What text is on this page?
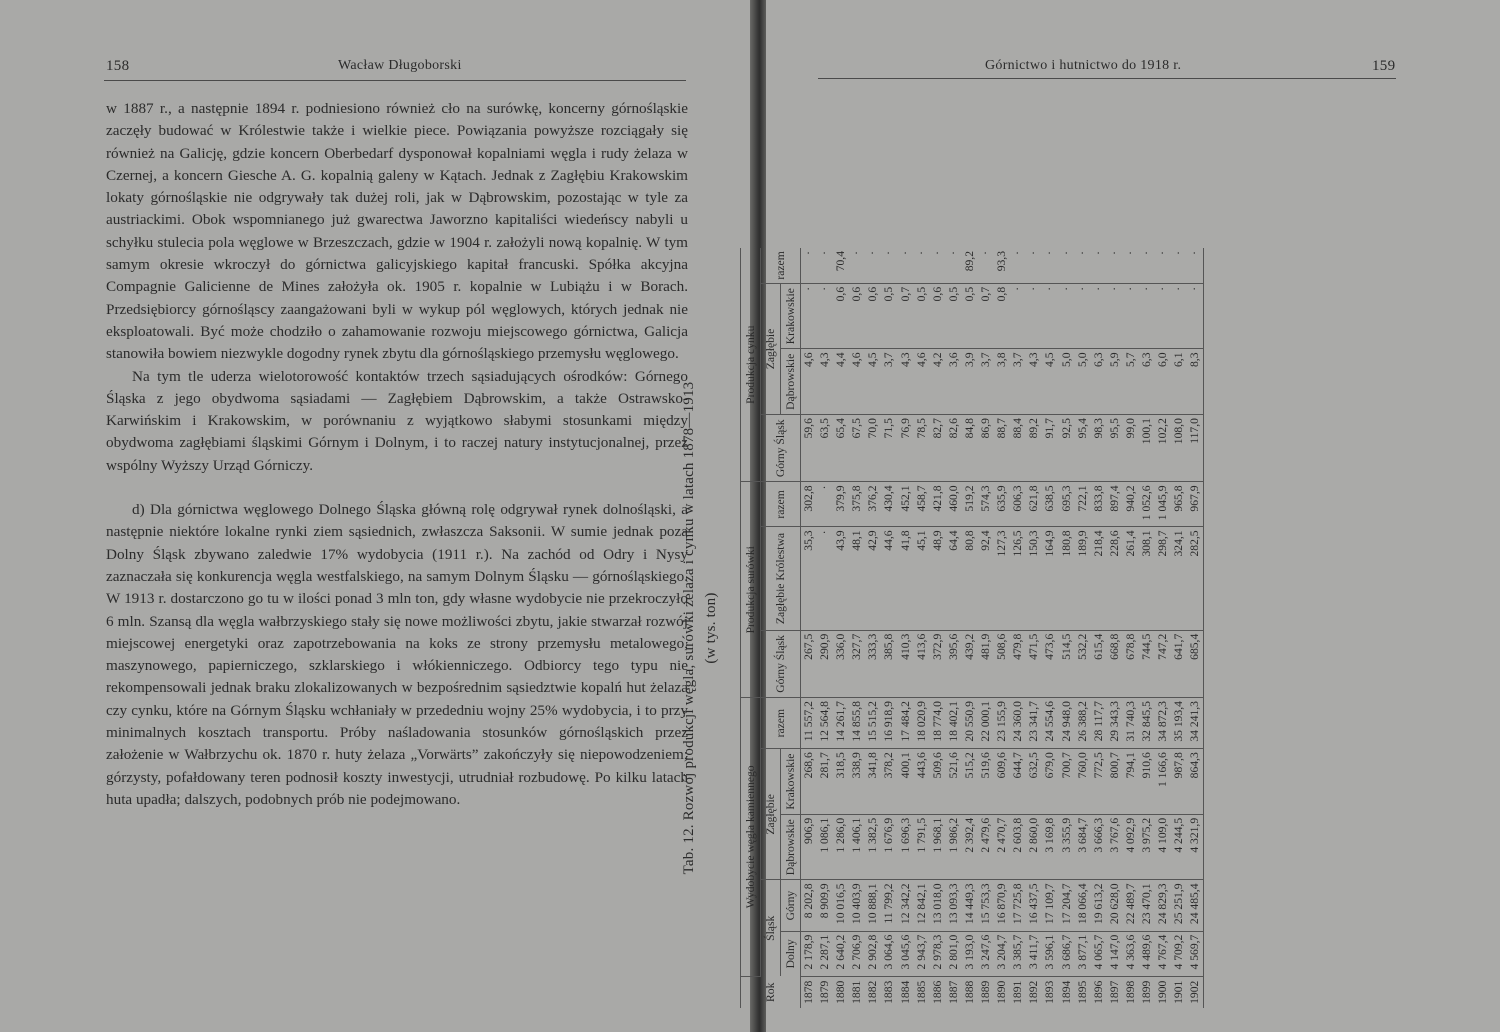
158	Wacław Długoborski

w 1887 r., a następnie 1894 r. podniesiono również cło na surówkę, koncerny górnośląskie zaczęły budować w Królestwie także i wielkie piece. Powiązania powyższe rozciągały się również na Galicję, gdzie koncern Oberbedarf dysponował kopalniami węgla i rudy żelaza w Czernej, a koncern Giesche A. G. kopalnią galeny w Kątach. Jednak z Zagłębiu Krakowskim lokaty górnośląskie nie odgrywały tak dużej roli, jak w Dąbrowskim, pozostając w tyle za austriackimi. Obok wspomnianego już gwarectwa Jaworzno kapitaliści wiedeńscy nabyli u schyłku stulecia pola węglowe w Brzeszczach, gdzie w 1904 r. założyli nową kopalnię. W tym samym okresie wkroczył do górnictwa galicyjskiego kapitał francuski. Spółka akcyjna Compagnie Galicienne de Mines założyła ok. 1905 r. kopalnie w Lubiążu i w Borach. Przedsiębiorcy górnośląscy zaangażowani byli w wykup pól węglowych, których jednak nie eksploatowali. Być może chodziło o zahamowanie rozwoju miejscowego górnictwa, Galicja stanowiła bowiem niezwykle dogodny rynek zbytu dla górnośląskiego przemysłu węglowego.

Na tym tle uderza wielotorowość kontaktów trzech sąsiadujących ośrodków: Górnego Śląska z jego obydwoma sąsiadami — Zagłębiem Dąbrowskim, a także Ostrawsko-Karwińskim i Krakowskim, w porównaniu z wyjątkowo słabymi stosunkami między obydwoma zagłębiami śląskimi Górnym i Dolnym, i to raczej natury instytucjonalnej, przez wspólny Wyższy Urząd Górniczy.

d) Dla górnictwa węglowego Dolnego Śląska główną rolę odgrywał rynek dolnośląski, a następnie niektóre lokalne rynki ziem sąsiednich, zwłaszcza Saksonii. W sumie jednak poza Dolny Śląsk zbywano zaledwie 17% wydobycia (1911 r.). Na zachód od Odry i Nysy zaznaczała się konkurencja węgla westfalskiego, na samym Dolnym Śląsku — górnośląskiego. W 1913 r. dostarczono go tu w ilości ponad 3 mln ton, gdy własne wydobycie nie przekroczyło 6 mln. Szansą dla węgla wałbrzyskiego stały się nowe możliwości zbytu, jakie stwarzał rozwój miejscowej energetyki oraz zapotrzebowania na koks ze strony przemysłu metalowego, maszynowego, papierniczego, szklarskiego i włókienniczego. Odbiorcy tego typu nie rekompensowali jednak braku zlokalizowanych w bezpośrednim sąsiedztwie kopalń hut żelaza czy cynku, które na Górnym Śląsku wchłaniały w przededniu wojny 25% wydobycia, i to przy minimalnych kosztach transportu. Próby naśladowania stosunków górnośląskich przez założenie w Wałbrzychu ok. 1870 r. huty żelaza „Vorwärts” zakończyły się niepowodzeniem; górzysty, pofałdowany teren podnosił koszty inwestycji, utrudniał rozbudowę. Po kilku latach huta upadła; dalszych, podobnych prób nie podejmowano.

Górnictwo i hutnictwo do 1918 r.	159
Tab. 12. Rozwój produkcji węgla, surówki żelaza i cynku w latach 1878—1913 (w tys. ton)
Rok	Wydobycie węgla kamiennego					Produkcja surówki			Produkcja cynku			
	Śląsk		Zagłębie		razem	Górny Śląsk	Zagłębie Królestwa	razem	Górny Śląsk	Zagłębie		razem
	Dolny	Górny	Dąbrowskie	Krakowskie						Dąbrowskie	Krakowskie	
1878	2 178,9	8 202,8	906,9	268,6	11 557,2	267,5	35,3	302,8	59,6	4,6	·	·
1879	2 287,1	8 909,9	1 086,1	281,7	12 564,8	290,9	·	·	63,5	4,3	·	·
1880	2 640,2	10 016,5	1 286,0	318,5	14 261,7	336,0	43,9	379,9	65,4	4,4	0,6	70,4
1881	2 706,9	10 403,9	1 406,1	338,9	14 855,8	327,7	48,1	375,8	67,5	4,6	0,6	·
1882	2 902,8	10 888,1	1 382,5	341,8	15 515,2	333,3	42,9	376,2	70,0	4,5	0,6	·
1883	3 064,6	11 799,2	1 676,9	378,2	16 918,9	385,8	44,6	430,4	71,5	3,7	0,5	·
1884	3 045,6	12 342,2	1 696,3	400,1	17 484,2	410,3	41,8	452,1	76,9	4,3	0,7	·
1885	2 943,7	12 842,1	1 791,5	443,6	18 020,9	413,6	45,1	458,7	78,5	4,6	0,5	·
1886	2 978,3	13 018,0	1 968,1	509,6	18 774,0	372,9	48,9	421,8	82,7	4,2	0,6	·
1887	2 801,0	13 093,3	1 986,2	521,6	18 402,1	395,6	64,4	460,0	82,6	3,6	0,5	·
1888	3 193,0	14 449,3	2 392,4	515,2	20 550,9	439,2	80,8	519,2	84,8	3,9	0,5	89,2
1889	3 247,6	15 753,3	2 479,6	519,6	22 000,1	481,9	92,4	574,3	86,9	3,7	0,7	·
1890	3 204,7	16 870,9	2 470,7	609,6	23 155,9	508,6	127,3	635,9	88,7	3,8	0,8	93,3
1891	3 385,7	17 725,8	2 603,8	644,7	24 360,0	479,8	126,5	606,3	88,4	3,7	·	·
1892	3 411,7	16 437,5	2 860,0	632,5	23 341,7	471,5	150,3	621,8	89,2	4,3	·	·
1893	3 596,1	17 109,7	3 169,8	679,0	24 554,6	473,6	164,9	638,5	91,7	4,5	·	·
1894	3 686,7	17 204,7	3 355,9	700,7	24 948,0	514,5	180,8	695,3	92,5	5,0	·	·
1895	3 877,1	18 066,4	3 684,7	760,0	26 388,2	532,2	189,9	722,1	95,4	5,0	·	·
1896	4 065,7	19 613,2	3 666,3	772,5	28 117,7	615,4	218,4	833,8	98,3	6,3	·	·
1897	4 147,0	20 628,0	3 767,6	800,7	29 343,3	668,8	228,6	897,4	95,5	5,9	·	·
1898	4 363,6	22 489,7	4 092,9	794,1	31 740,3	678,8	261,4	940,2	99,0	5,7	·	·
1899	4 489,6	23 470,1	3 975,2	910,6	32 845,5	744,5	308,1	1 052,6	100,1	6,3	·	·
1900	4 767,4	24 829,3	4 109,0	1 166,6	34 872,3	747,2	298,7	1 045,9	102,2	6,0	·	·
1901	4 709,2	25 251,9	4 244,5	987,8	35 193,4	641,7	324,1	965,8	108,0	6,1	·	·
1902	4 569,7	24 485,4	4 321,9	864,3	34 241,3	685,4	282,5	967,9	117,0	8,3	·	·
